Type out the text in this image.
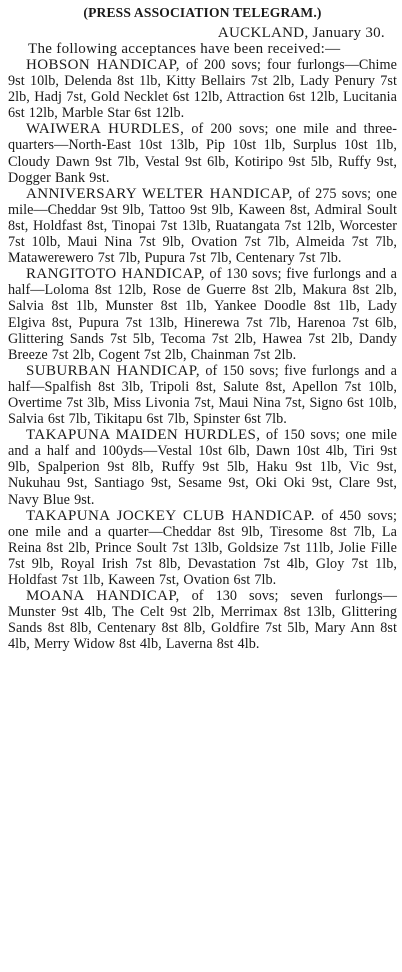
(PRESS ASSOCIATION TELEGRAM.)
AUCKLAND, January 30.
The following acceptances have been received:—

HOBSON HANDICAP, of 200 sovs; four furlongs—Chime 9st 10lb, Delenda 8st 1lb, Kitty Bellairs 7st 2lb, Lady Penury 7st 2lb, Hadj 7st, Gold Necklet 6st 12lb, Attraction 6st 12lb, Lucitania 6st 12lb, Marble Star 6st 12lb.

WAIWERA HURDLES, of 200 sovs; one mile and three-quarters—North-East 10st 13lb, Pip 10st 1lb, Surplus 10st 1lb, Cloudy Dawn 9st 7lb, Vestal 9st 6lb, Kotiripo 9st 5lb, Ruffy 9st, Dogger Bank 9st.

ANNIVERSARY WELTER HANDICAP, of 275 sovs; one mile—Cheddar 9st 9lb, Tattoo 9st 9lb, Kaween 8st, Admiral Soult 8st, Holdfast 8st, Tinopai 7st 13lb, Ruatangata 7st 12lb, Worcester 7st 10lb, Maui Nina 7st 9lb, Ovation 7st 7lb, Almeida 7st 7lb, Matawerewero 7st 7lb, Pupura 7st 7lb, Centenary 7st 7lb.

RANGITOTO HANDICAP, of 130 sovs; five furlongs and a half—Loloma 8st 12lb, Rose de Guerre 8st 2lb, Makura 8st 2lb, Salvia 8st 1lb, Munster 8st 1lb, Yankee Doodle 8st 1lb, Lady Elgiva 8st, Pupura 7st 13lb, Hinerewa 7st 7lb, Harenoa 7st 6lb, Glittering Sands 7st 5lb, Tecoma 7st 2lb, Hawea 7st 2lb, Dandy Breeze 7st 2lb, Cogent 7st 2lb, Chainman 7st 2lb.

SUBURBAN HANDICAP, of 150 sovs; five furlongs and a half—Spalfish 8st 3lb, Tripoli 8st, Salute 8st, Apellon 7st 10lb, Overtime 7st 3lb, Miss Livonia 7st, Maui Nina 7st, Signo 6st 10lb, Salvia 6st 7lb, Tikitapu 6st 7lb, Spinster 6st 7lb.

TAKAPUNA MAIDEN HURDLES, of 150 sovs; one mile and a half and 100yds—Vestal 10st 6lb, Dawn 10st 4lb, Tiri 9st 9lb, Spalperion 9st 8lb, Ruffy 9st 5lb, Haku 9st 1lb, Vic 9st, Nukuhau 9st, Santiago 9st, Sesame 9st, Oki Oki 9st, Clare 9st, Navy Blue 9st.

TAKAPUNA JOCKEY CLUB HANDICAP. of 450 sovs; one mile and a quarter—Cheddar 8st 9lb, Tiresome 8st 7lb, La Reina 8st 2lb, Prince Soult 7st 13lb, Goldsize 7st 11lb, Jolie Fille 7st 9lb, Royal Irish 7st 8lb, Devastation 7st 4lb, Gloy 7st 1lb, Holdfast 7st 1lb, Kaween 7st, Ovation 6st 7lb.

MOANA HANDICAP, of 130 sovs; seven furlongs—Munster 9st 4lb, The Celt 9st 2lb, Merrimax 8st 13lb, Glittering Sands 8st 8lb, Centenary 8st 8lb, Goldfire 7st 5lb, Mary Ann 8st 4lb, Merry Widow 8st 4lb, Laverna 8st 4lb.
